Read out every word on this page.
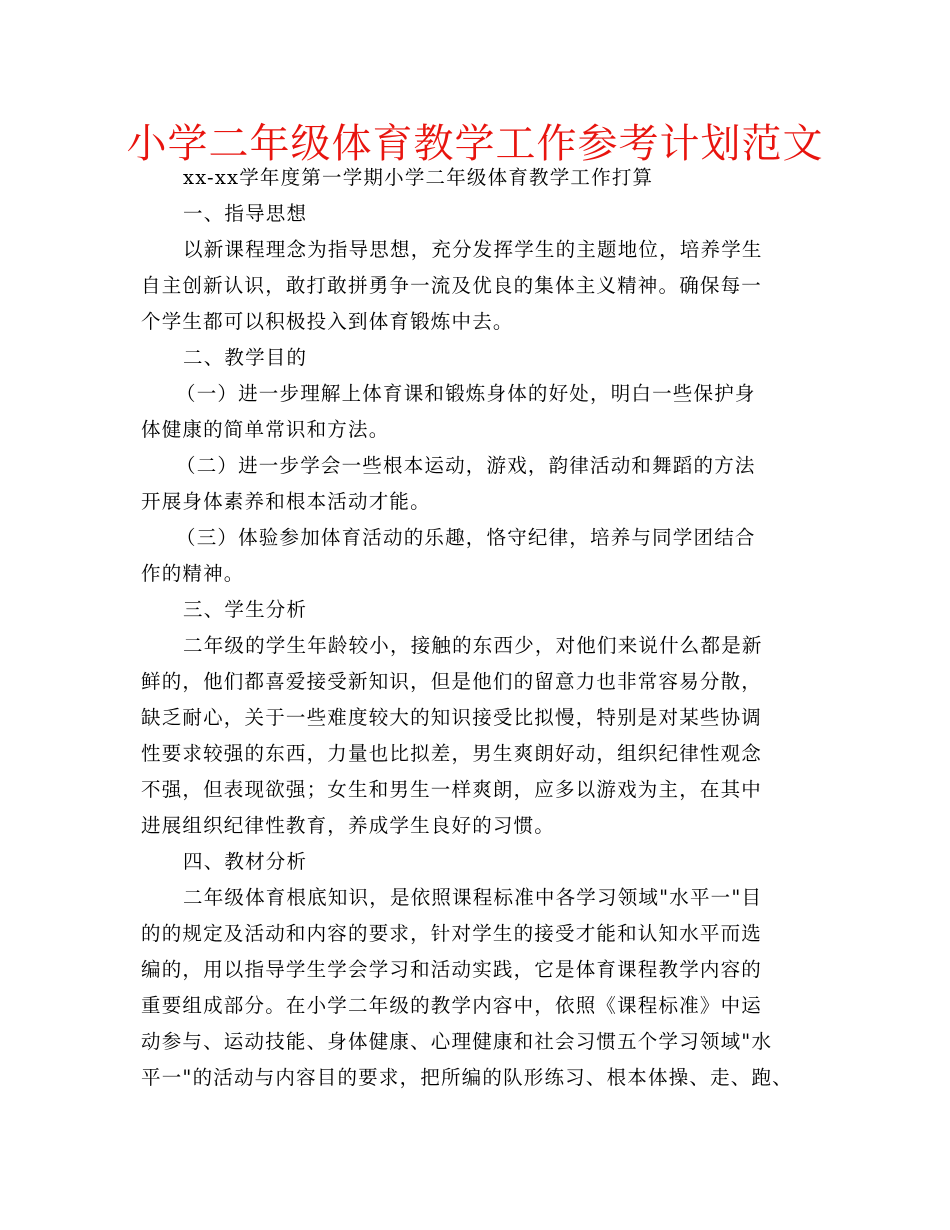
小学二年级体育教学工作参考计划范文
xx-xx学年度第一学期小学二年级体育教学工作打算
一、指导思想
以新课程理念为指导思想，充分发挥学生的主题地位，培养学生
自主创新认识，敢打敢拼勇争一流及优良的集体主义精神。确保每一
个学生都可以积极投入到体育锻炼中去。
二、教学目的
（一）进一步理解上体育课和锻炼身体的好处，明白一些保护身
体健康的简单常识和方法。
（二）进一步学会一些根本运动，游戏，韵律活动和舞蹈的方法
开展身体素养和根本活动才能。
（三）体验参加体育活动的乐趣，恪守纪律，培养与同学团结合
作的精神。
三、学生分析
二年级的学生年龄较小，接触的东西少，对他们来说什么都是新
鲜的，他们都喜爱接受新知识，但是他们的留意力也非常容易分散，
缺乏耐心，关于一些难度较大的知识接受比拟慢，特别是对某些协调
性要求较强的东西，力量也比拟差，男生爽朗好动，组织纪律性观念
不强，但表现欲强；女生和男生一样爽朗，应多以游戏为主，在其中
进展组织纪律性教育，养成学生良好的习惯。
四、教材分析
二年级体育根底知识，是依照课程标准中各学习领域"水平一"目
的的规定及活动和内容的要求，针对学生的接受才能和认知水平而选
编的，用以指导学生学会学习和活动实践，它是体育课程教学内容的
重要组成部分。在小学二年级的教学内容中，依照《课程标准》中运
动参与、运动技能、身体健康、心理健康和社会习惯五个学习领域"水
平一"的活动与内容目的要求，把所编的队形练习、根本体操、走、跑、
